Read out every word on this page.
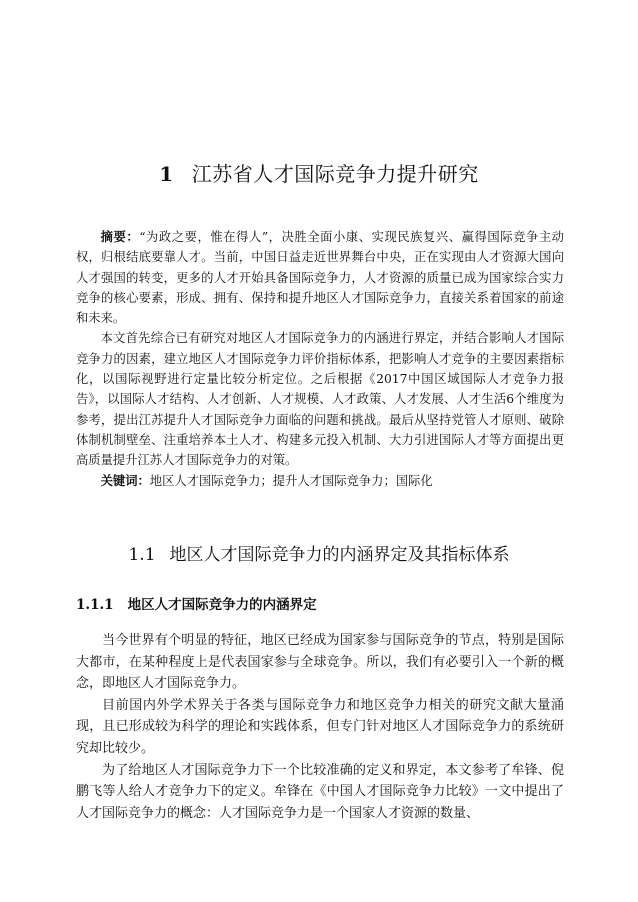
1 江苏省人才国际竞争力提升研究

摘要：“为政之要，惟在得人”，决胜全面小康、实现民族复兴、赢得国际竞争主动权，归根结底要靠人才。当前，中国日益走近世界舞台中央，正在实现由人才资源大国向人才强国的转变，更多的人才开始具备国际竞争力，人才资源的质量已成为国家综合实力竞争的核心要素，形成、拥有、保持和提升地区人才国际竞争力，直接关系着国家的前途和未来。

本文首先综合已有研究对地区人才国际竞争力的内涵进行界定，并结合影响人才国际竞争力的因素，建立地区人才国际竞争力评价指标体系，把影响人才竞争的主要因素指标化，以国际视野进行定量比较分析定位。之后根据《2017中国区域国际人才竞争力报告》，以国际人才结构、人才创新、人才规模、人才政策、人才发展、人才生活6个维度为参考，提出江苏提升人才国际竞争力面临的问题和挑战。最后从坚持党管人才原则、破除体制机制壁垒、注重培养本土人才、构建多元投入机制、大力引进国际人才等方面提出更高质量提升江苏人才国际竞争力的对策。

关键词：地区人才国际竞争力；提升人才国际竞争力；国际化

1.1 地区人才国际竞争力的内涵界定及其指标体系
1.1.1 地区人才国际竞争力的内涵界定

当今世界有个明显的特征，地区已经成为国家参与国际竞争的节点，特别是国际大都市，在某种程度上是代表国家参与全球竞争。所以，我们有必要引入一个新的概念，即地区人才国际竞争力。

目前国内外学术界关于各类与国际竞争力和地区竞争力相关的研究文献大量涌现，且已形成较为科学的理论和实践体系，但专门针对地区人才国际竞争力的系统研究却比较少。

为了给地区人才国际竞争力下一个比较准确的定义和界定，本文参考了牟锋、倪鹏飞等人给人才竞争力下的定义。牟锋在《中国人才国际竞争力比较》一文中提出了人才国际竞争力的概念：人才国际竞争力是一个国家人才资源的数量、
